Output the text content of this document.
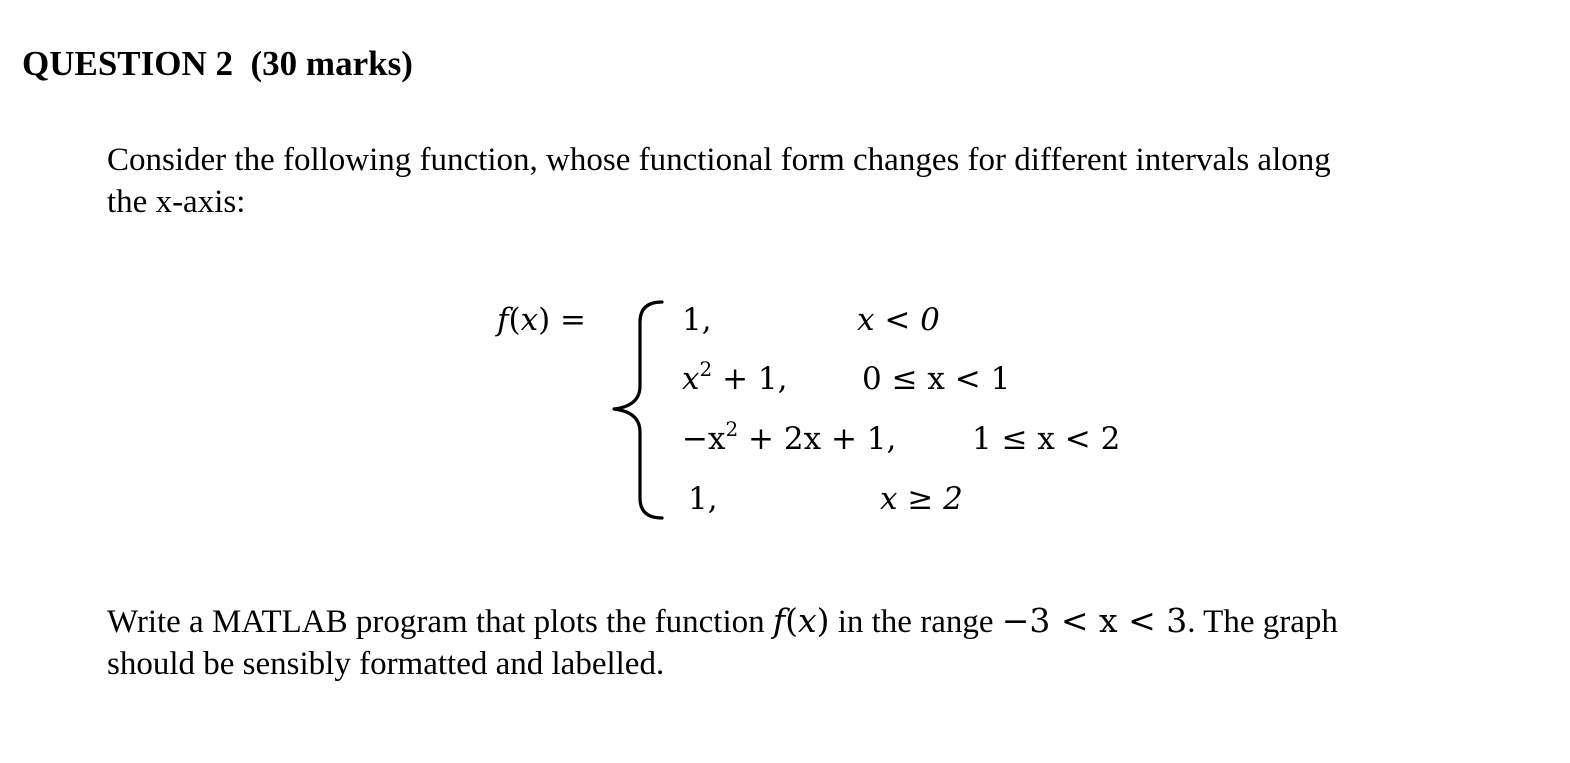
QUESTION 2 (30 marks)
Consider the following function, whose functional form changes for different intervals along
the x-axis:
f(x) =	1,	x < 0
$x^2 + 1$, 0 ≤ x < 1
$-x^2 + 2x + 1$, 1 ≤ x < 2
1,	x ≥ 2
Write a MATLAB program that plots the function f(x) in the range −3 < x < 3. The graph
should be sensibly formatted and labelled.
